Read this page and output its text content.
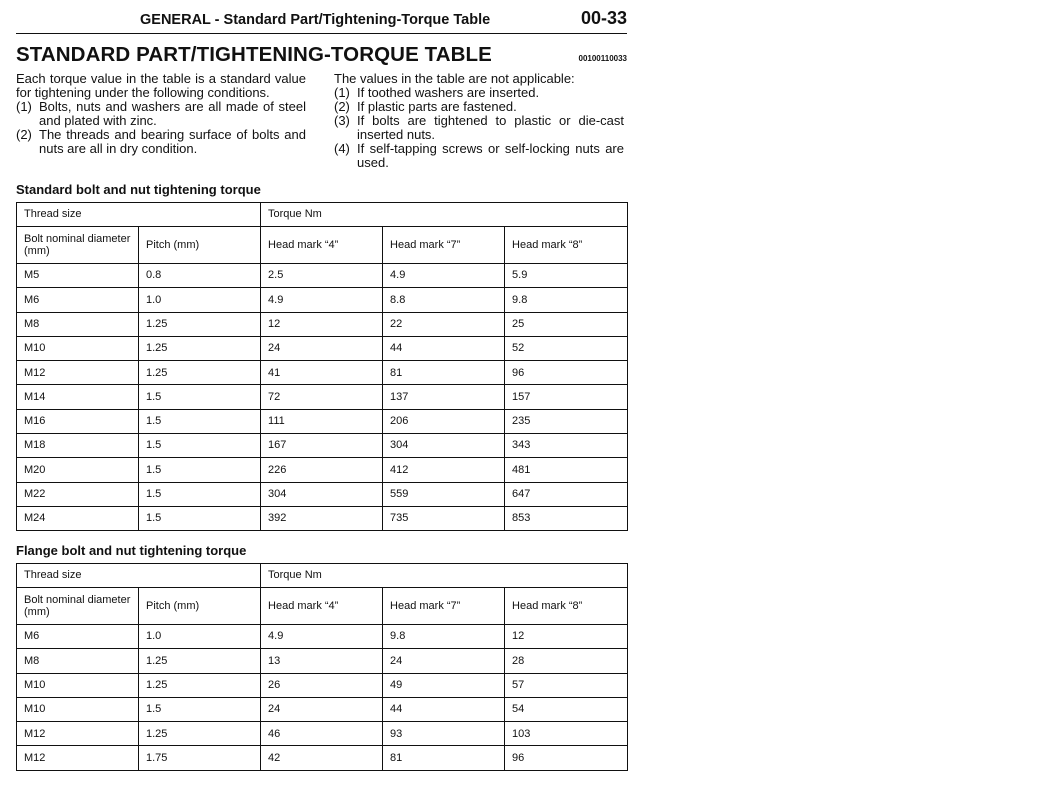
GENERAL - Standard Part/Tightening-Torque Table	00-33
STANDARD PART/TIGHTENING-TORQUE TABLE	00100110033

Each torque value in the table is a standard value for tightening under the following conditions.

(1) Bolts, nuts and washers are all made of steel and plated with zinc.
(2) The threads and bearing surface of bolts and nuts are all in dry condition.

The values in the table are not applicable:

(1) If toothed washers are inserted.
(2) If plastic parts are fastened.
(3) If bolts are tightened to plastic or die-cast inserted nuts.
(4) If self-tapping screws or self-locking nuts are used.
Standard bolt and nut tightening torque
Thread size		Torque Nm		
Bolt nominal diameter (mm)	Pitch (mm)	Head mark “4”	Head mark “7”	Head mark “8”
M5	0.8	2.5	4.9	5.9
M6	1.0	4.9	8.8	9.8
M8	1.25	12	22	25
M10	1.25	24	44	52
M12	1.25	41	81	96
M14	1.5	72	137	157
M16	1.5	111	206	235
M18	1.5	167	304	343
M20	1.5	226	412	481
M22	1.5	304	559	647
M24	1.5	392	735	853
Flange bolt and nut tightening torque
Thread size		Torque Nm		
Bolt nominal diameter (mm)	Pitch (mm)	Head mark “4”	Head mark “7”	Head mark “8”
M6	1.0	4.9	9.8	12
M8	1.25	13	24	28
M10	1.25	26	49	57
M10	1.5	24	44	54
M12	1.25	46	93	103
M12	1.75	42	81	96
